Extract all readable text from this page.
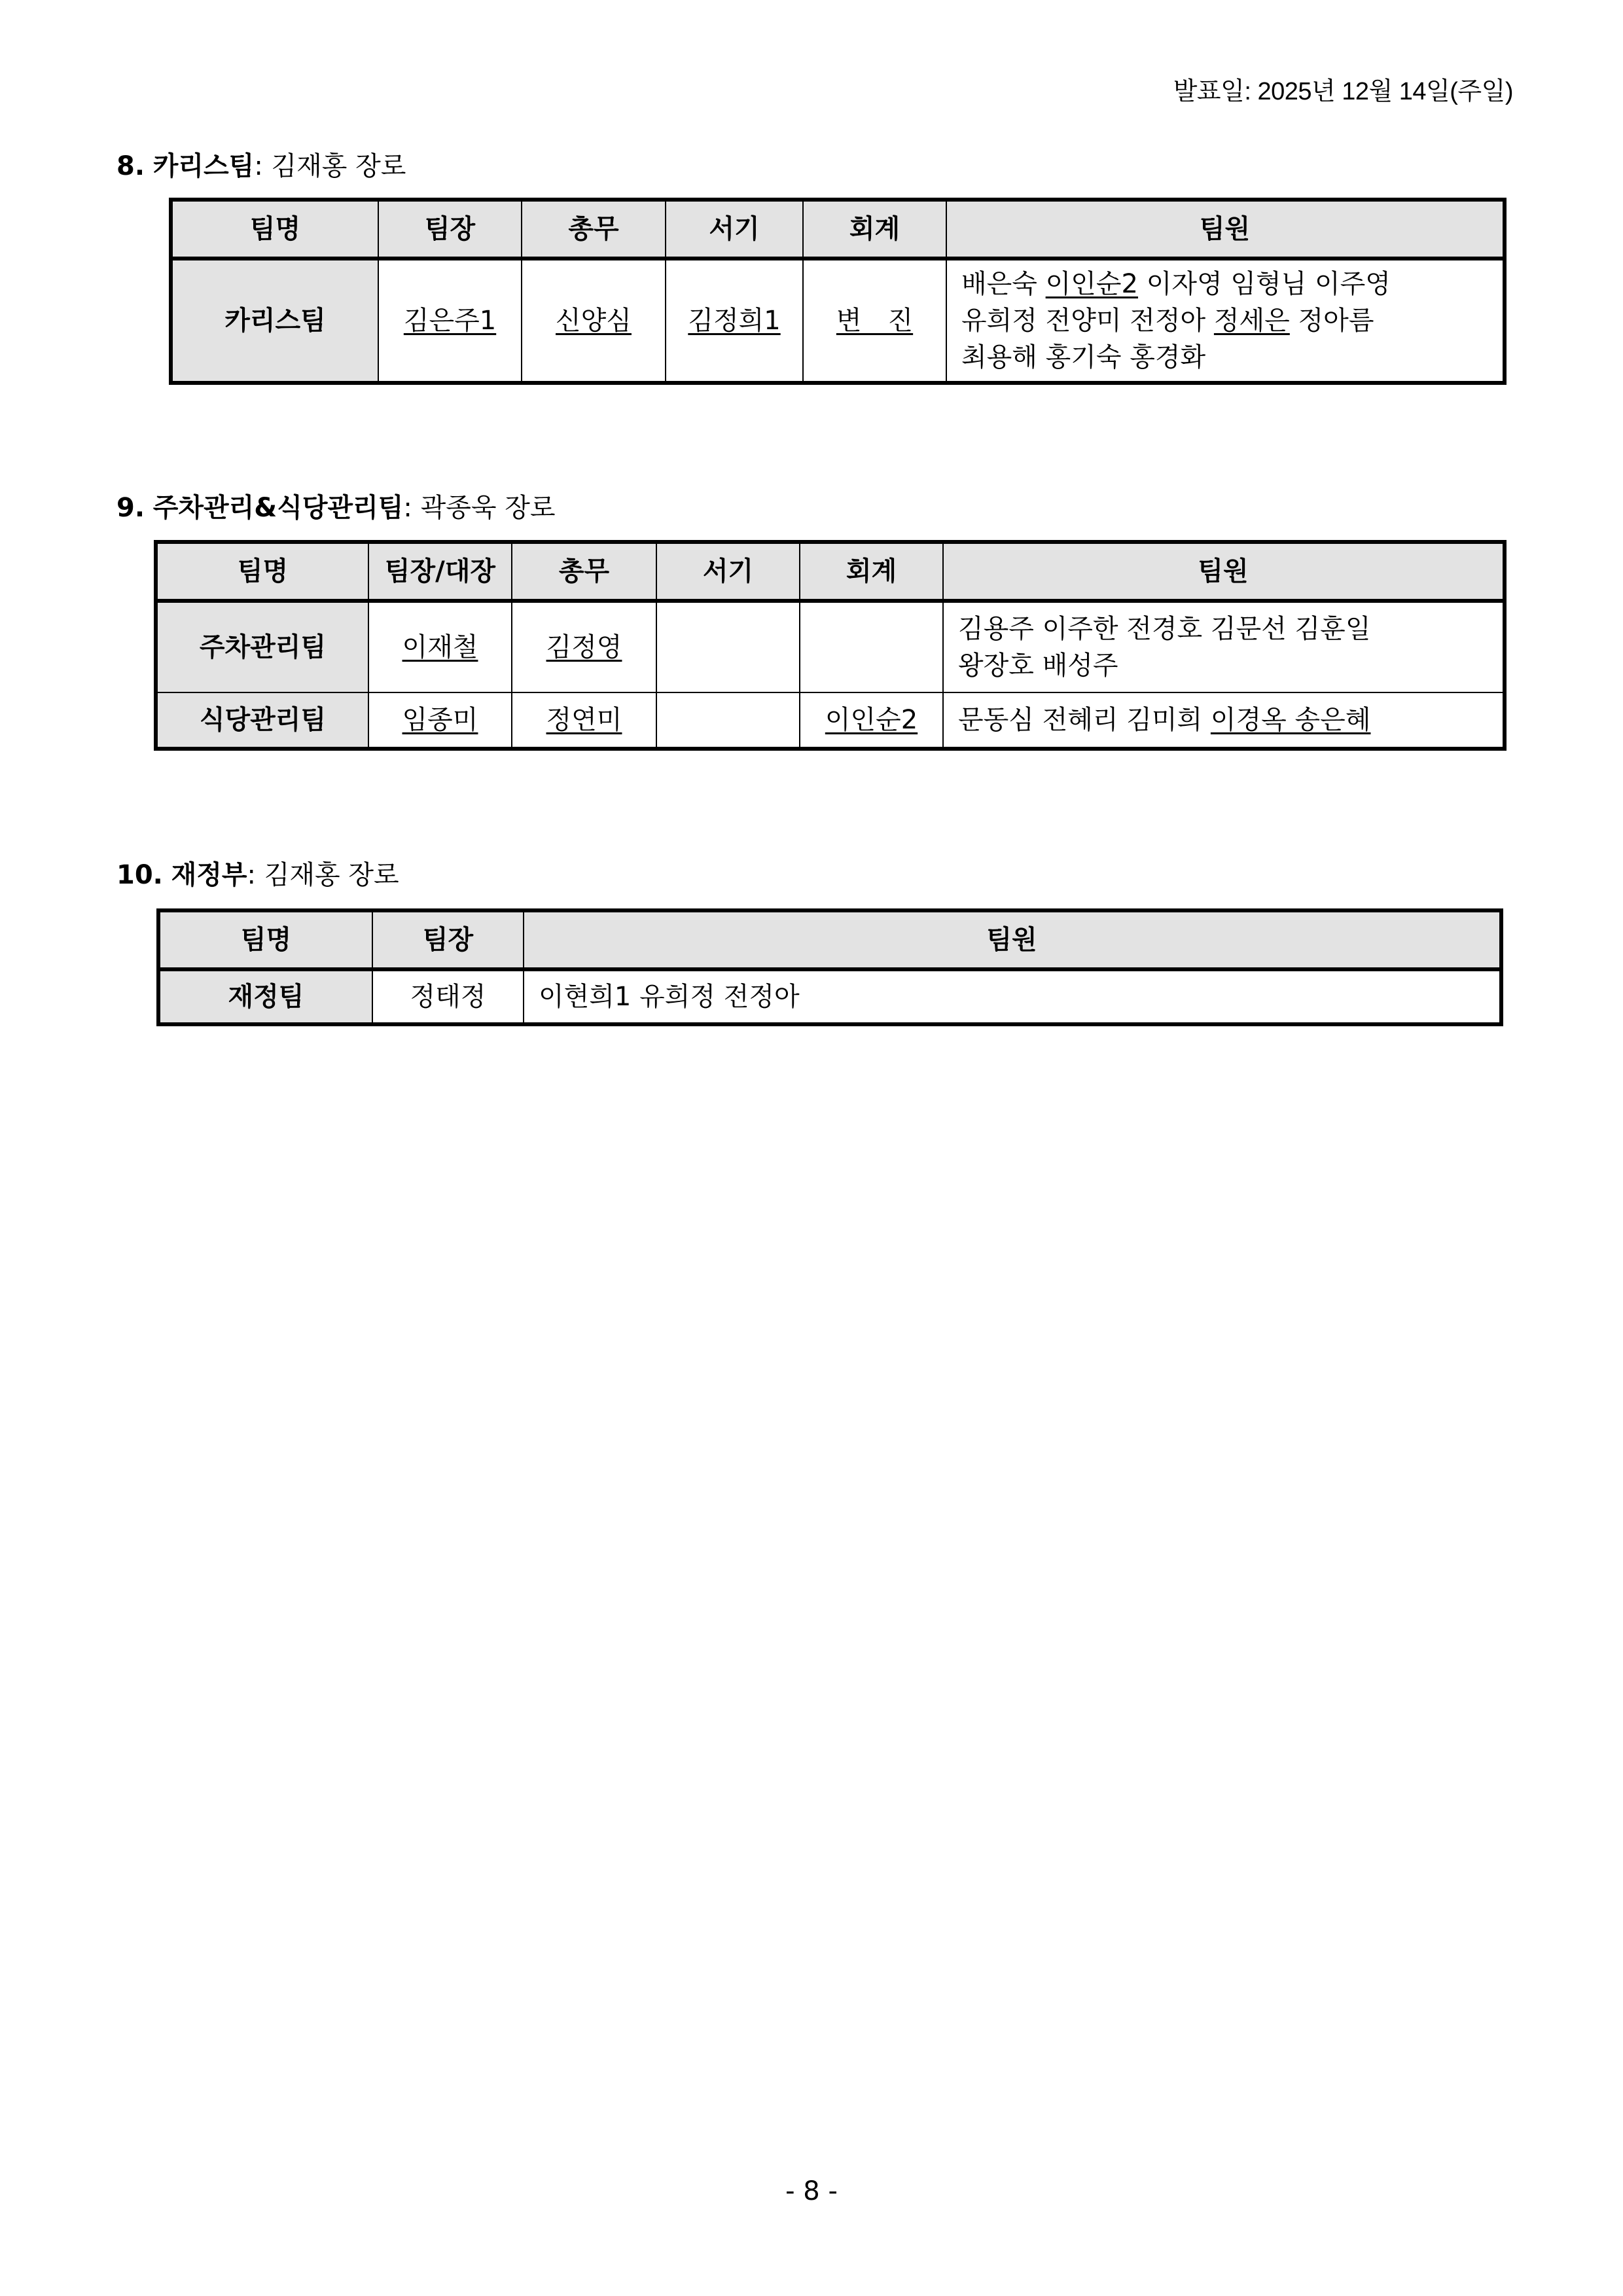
발표일: 2025년 12월 14일(주일)
8. 카리스팀: 김재홍 장로
팀명	팀장	총무	서기	회계	팀원
카리스팀	김은주1	신양심	김정희1	변　진	배은숙 이인순2 이자영 임형님 이주영
유희정 전양미 전정아 정세은 정아름
최용해 홍기숙 홍경화
9. 주차관리&식당관리팀: 곽종욱 장로
팀명	팀장/대장	총무	서기	회계	팀원
주차관리팀	이재철	김정영			김용주 이주한 전경호 김문선 김훈일
왕장호 배성주

식당관리팀	임종미	정연미		이인순2	문동심 전혜리 김미희 이경옥 송은혜
10. 재정부: 김재홍 장로
팀명	팀장	팀원
재정팀	정태정	이현희1 유희정 전정아
- 8 -
